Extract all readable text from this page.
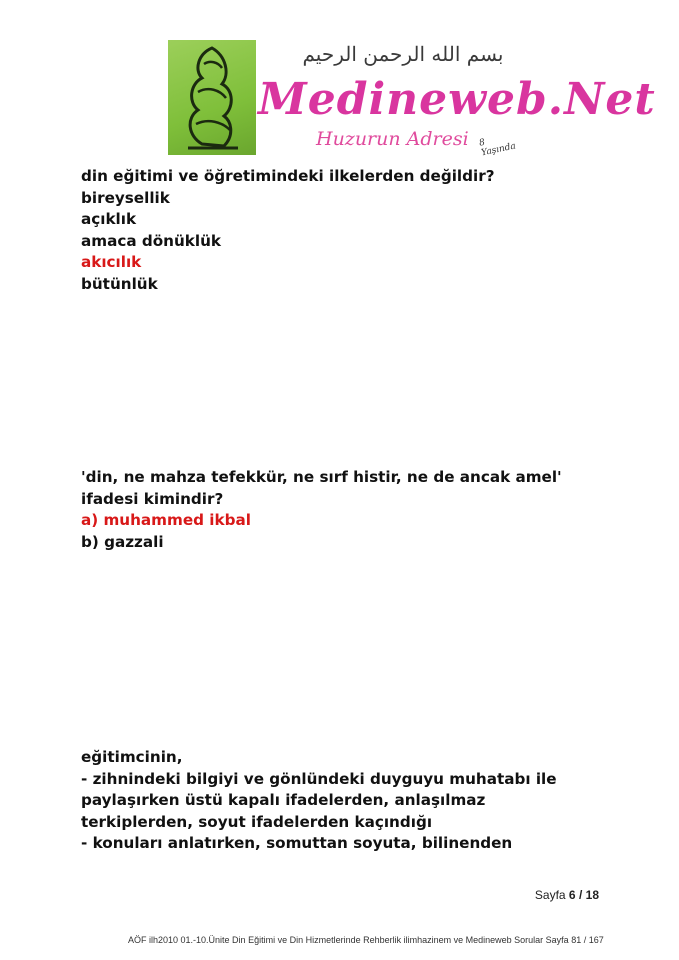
بسم الله الرحمن الرحيم
Medineweb.Net
Huzurun Adresi 8 Yaşında
din eğitimi ve öğretimindeki ilkelerden değildir?
bireysellik
açıklık
amaca dönüklük
akıcılık
bütünlük
'din, ne mahza tefekkür, ne sırf histir, ne de ancak amel'
ifadesi kimindir?
a) muhammed ikbal
b) gazzali
eğitimcinin,
- zihnindeki bilgiyi ve gönlündeki duyguyu muhatabı ile
paylaşırken üstü kapalı ifadelerden, anlaşılmaz
terkiplerden, soyut ifadelerden kaçındığı
- konuları anlatırken, somuttan soyuta, bilinenden
Sayfa 6 / 18
AÖF ilh2010 01.-10.Ünite Din Eğitimi ve Din Hizmetlerinde Rehberlik ilimhazinem ve Medineweb Sorular Sayfa 81 / 167
